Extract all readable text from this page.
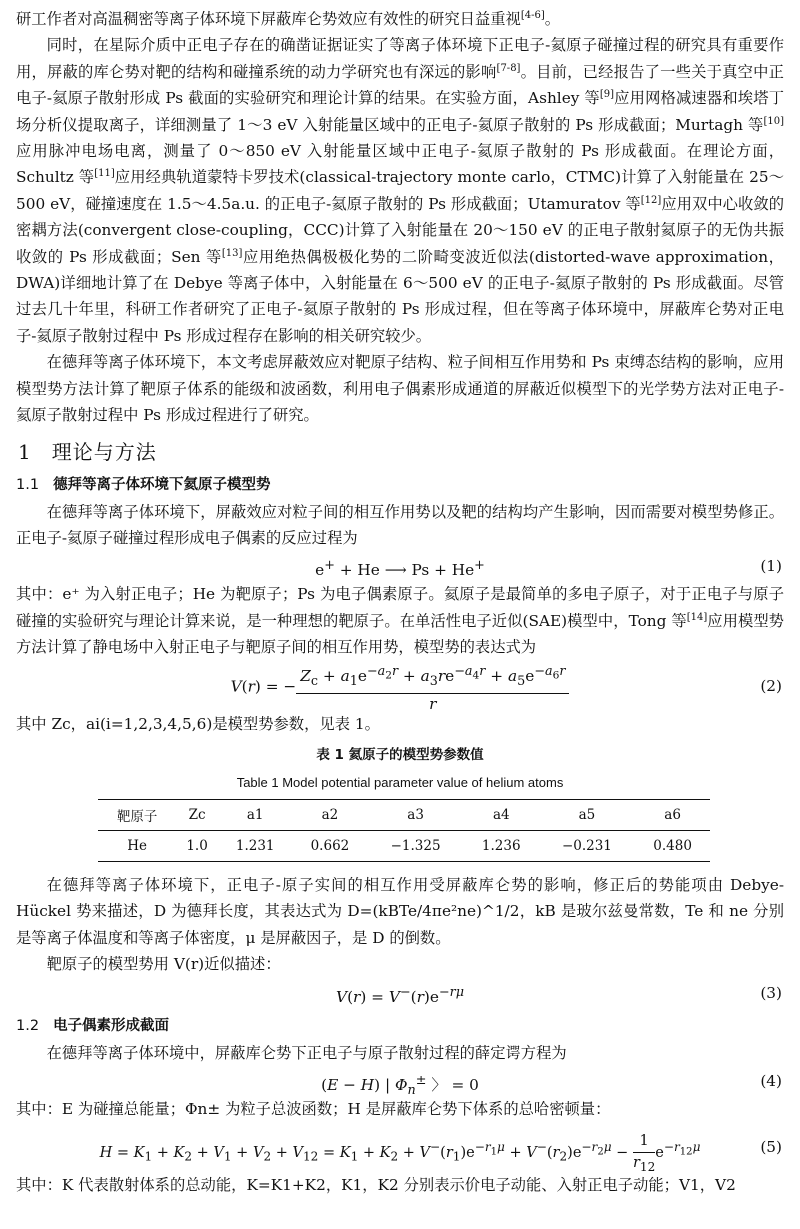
研工作者对高温稠密等离子体环境下屏蔽库仑势效应有效性的研究日益重视[4-6]。

同时，在星际介质中正电子存在的确凿证据证实了等离子体环境下正电子-氦原子碰撞过程的研究具有重要作用，屏蔽的库仑势对靶的结构和碰撞系统的动力学研究也有深远的影响[7-8]。目前，已经报告了一些关于真空中正电子-氦原子散射形成 Ps 截面的实验研究和理论计算的结果。在实验方面，Ashley 等[9]应用网格减速器和埃塔丁场分析仪提取离子，详细测量了 1～3 eV 入射能量区域中的正电子-氦原子散射的 Ps 形成截面；Murtagh 等[10]应用脉冲电场电离，测量了 0～850 eV 入射能量区域中正电子-氦原子散射的 Ps 形成截面。在理论方面，Schultz 等[11]应用经典轨道蒙特卡罗技术(classical-trajectory monte carlo，CTMC)计算了入射能量在 25～500 eV，碰撞速度在 1.5～4.5a.u. 的正电子-氦原子散射的 Ps 形成截面；Utamuratov 等[12]应用双中心收敛的密耦方法(convergent close-coupling，CCC)计算了入射能量在 20～150 eV 的正电子散射氦原子的无伪共振收敛的 Ps 形成截面；Sen 等[13]应用绝热偶极极化势的二阶畸变波近似法(distorted-wave approximation，DWA)详细地计算了在 Debye 等离子体中，入射能量在 6～500 eV 的正电子-氦原子散射的 Ps 形成截面。尽管过去几十年里，科研工作者研究了正电子-氦原子散射的 Ps 形成过程，但在等离子体环境中，屏蔽库仑势对正电子-氦原子散射过程中 Ps 形成过程存在影响的相关研究较少。

在德拜等离子体环境下，本文考虑屏蔽效应对靶原子结构、粒子间相互作用势和 Ps 束缚态结构的影响，应用模型势方法计算了靶原子体系的能级和波函数，利用电子偶素形成通道的屏蔽近似模型下的光学势方法对正电子-氦原子散射过程中 Ps 形成过程进行了研究。

1 理论与方法
1.1 德拜等离子体环境下氦原子模型势

在德拜等离子体环境下，屏蔽效应对粒子间的相互作用势以及靶的结构均产生影响，因而需要对模型势修正。正电子-氦原子碰撞过程形成电子偶素的反应过程为

e+ + He ⟶ Ps + He+	(1)

其中：e⁺ 为入射正电子；He 为靶原子；Ps 为电子偶素原子。氦原子是最简单的多电子原子，对于正电子与原子碰撞的实验研究与理论计算来说，是一种理想的靶原子。在单活性电子近似(SAE)模型中，Tong 等[14]应用模型势方法计算了静电场中入射正电子与靶原子间的相互作用势，模型势的表达式为

V(r) = − $\frac{Z_c + a_1e^{-a_2r} + a_3re^{-a_4r} + a_5e^{-a_6r}}{r}$	(2)

其中 Zc，ai(i=1,2,3,4,5,6)是模型势参数，见表 1。

表 1 氦原子的模型势参数值
Table 1 Model potential parameter value of helium atoms
靶原子	Zc	a1	a2	a3	a4	a5	a6
He	1.0	1.231	0.662	−1.325	1.236	−0.231	0.480

在德拜等离子体环境下，正电子-原子实间的相互作用受屏蔽库仑势的影响，修正后的势能项由 Debye-Hückel 势来描述，D 为德拜长度，其表达式为 D=(kBTe/4πe²ne)^1/2，kB 是玻尔兹曼常数，Te 和 ne 分别是等离子体温度和等离子体密度，μ 是屏蔽因子，是 D 的倒数。

靶原子的模型势用 V(r)近似描述：

$V(r) = V^-(r)e^{-r\mu}$	(3)
1.2 电子偶素形成截面

在德拜等离子体环境中，屏蔽库仑势下正电子与原子散射过程的薛定谔方程为

(E − H) | $\Phi_n^\pm$ 〉 = 0	(4)

其中：E 为碰撞总能量；Φn± 为粒子总波函数；H 是屏蔽库仑势下体系的总哈密顿量：

$H = K_1 + K_2 + V_1 + V_2 + V_{12} = K_1 + K_2 + V^-(r_1)e^{-r_1\mu} + V^-(r_2)e^{-r_2\mu} - \frac{1}{r_{12}} e^{-r_{12}\mu}$	(5)

其中：K 代表散射体系的总动能，K=K1+K2，K1，K2 分别表示价电子动能、入射正电子动能；V1，V2
